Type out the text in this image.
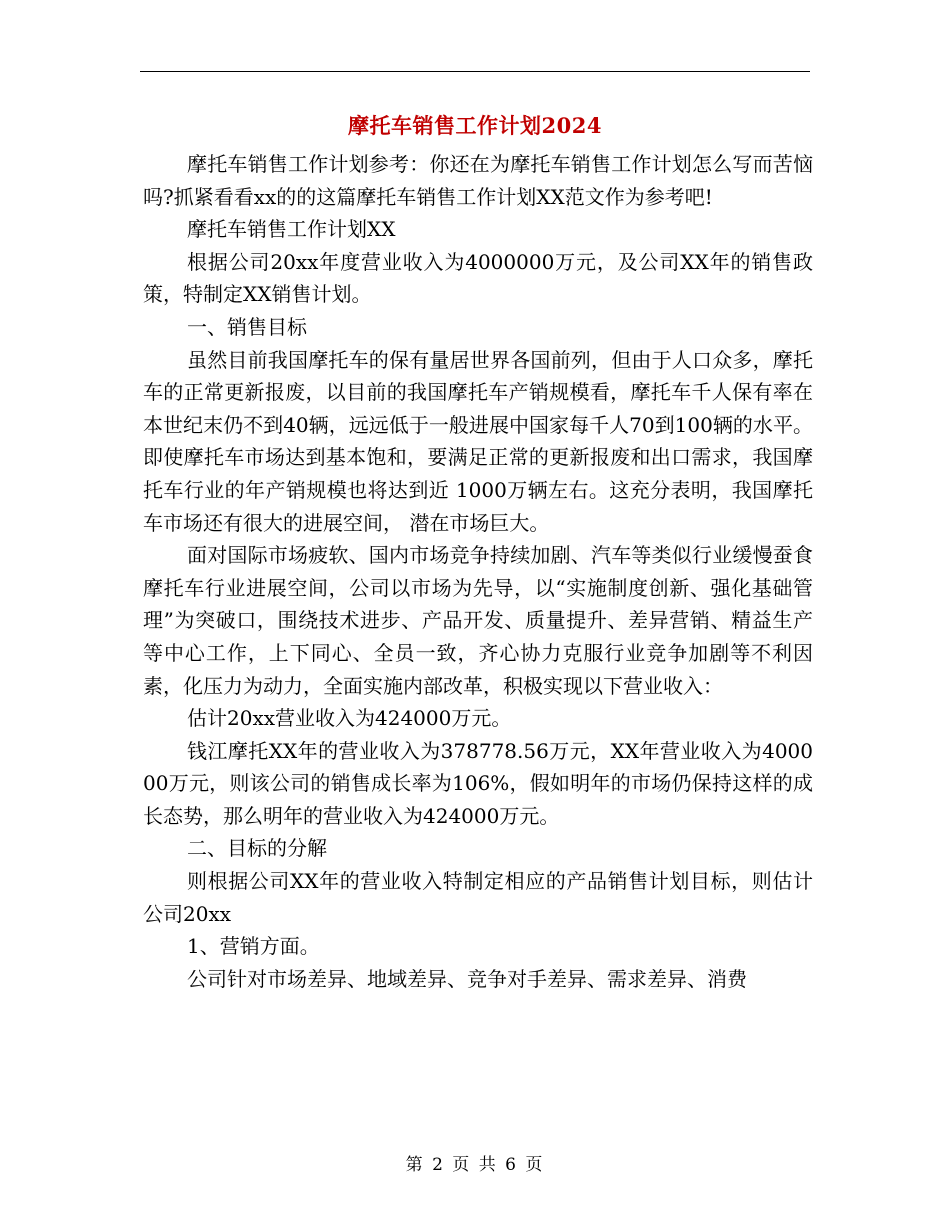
摩托车销售工作计划2024

摩托车销售工作计划参考：你还在为摩托车销售工作计划怎么写而苦恼吗?抓紧看看xx的的这篇摩托车销售工作计划XX范文作为参考吧!

摩托车销售工作计划XX

根据公司20xx年度营业收入为4000000万元，及公司XX年的销售政策，特制定XX销售计划。

一、销售目标

虽然目前我国摩托车的保有量居世界各国前列，但由于人口众多，摩托车的正常更新报废，以目前的我国摩托车产销规模看，摩托车千人保有率在本世纪末仍不到40辆，远远低于一般进展中国家每千人70到100辆的水平。 即使摩托车市场达到基本饱和，要满足正常的更新报废和出口需求，我国摩托车行业的年产销规模也将达到近 1000万辆左右。这充分表明，我国摩托车市场还有很大的进展空间， 潜在市场巨大。

面对国际市场疲软、国内市场竞争持续加剧、汽车等类似行业缓慢蚕食摩托车行业进展空间，公司以市场为先导，以“实施制度创新、强化基础管理”为突破口，围绕技术进步、产品开发、质量提升、差异营销、精益生产等中心工作，上下同心、全员一致，齐心协力克服行业竞争加剧等不利因素，化压力为动力，全面实施内部改革，积极实现以下营业收入：

估计20xx营业收入为424000万元。

钱江摩托XX年的营业收入为378778.56万元，XX年营业收入为400000万元，则该公司的销售成长率为106%，假如明年的市场仍保持这样的成长态势，那么明年的营业收入为424000万元。

二、目标的分解

则根据公司XX年的营业收入特制定相应的产品销售计划目标，则估计公司20xx

1、营销方面。

公司针对市场差异、地域差异、竞争对手差异、需求差异、消费

第 2 页 共 6 页
